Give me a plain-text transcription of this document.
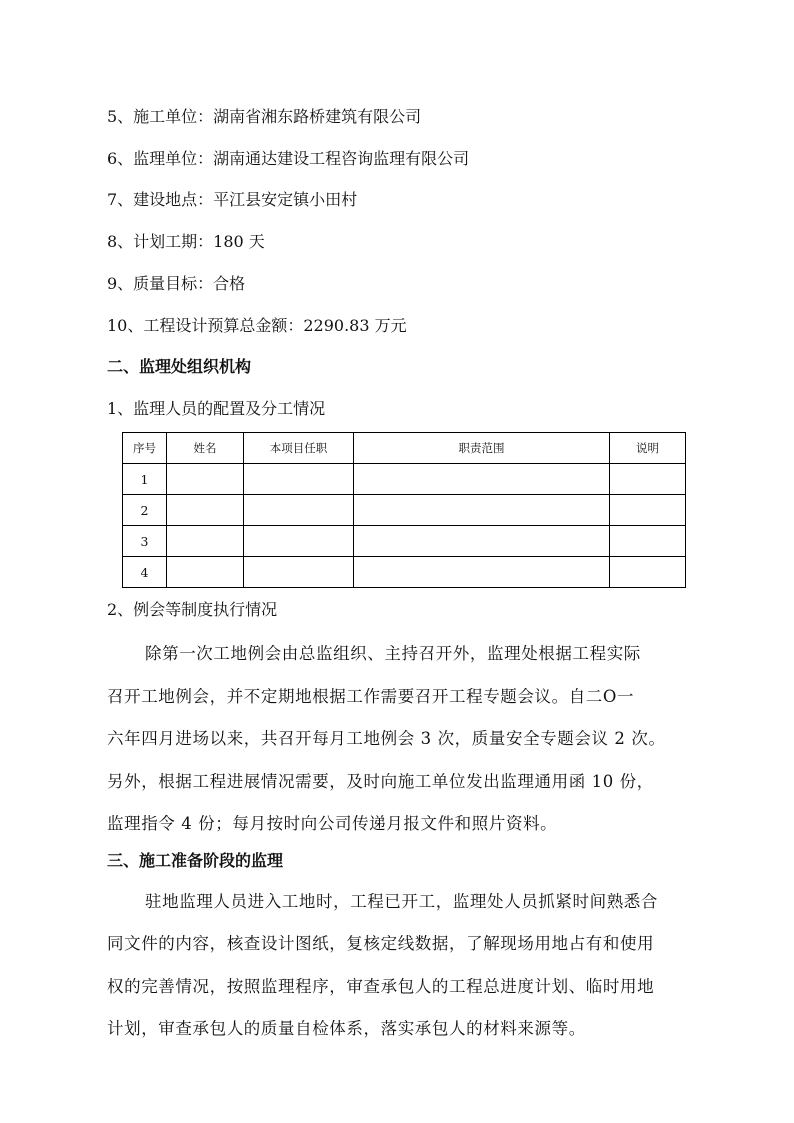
5、施工单位：湖南省湘东路桥建筑有限公司
6、监理单位：湖南通达建设工程咨询监理有限公司
7、建设地点：平江县安定镇小田村
8、计划工期：180 天
9、质量目标：合格
10、工程设计预算总金额：2290.83 万元
二、监理处组织机构
1、监理人员的配置及分工情况
序号	姓名	本项目任职	职责范围	说明
1				
2				
3				
4				
2、例会等制度执行情况
除第一次工地例会由总监组织、主持召开外，监理处根据工程实际
召开工地例会，并不定期地根据工作需要召开工程专题会议。自二O一
六年四月进场以来，共召开每月工地例会 3 次，质量安全专题会议 2 次。
另外，根据工程进展情况需要，及时向施工单位发出监理通用函 10 份，
监理指令 4 份；每月按时向公司传递月报文件和照片资料。
三、施工准备阶段的监理
驻地监理人员进入工地时，工程已开工，监理处人员抓紧时间熟悉合
同文件的内容，核查设计图纸，复核定线数据，了解现场用地占有和使用
权的完善情况，按照监理程序，审查承包人的工程总进度计划、临时用地
计划，审查承包人的质量自检体系，落实承包人的材料来源等。
